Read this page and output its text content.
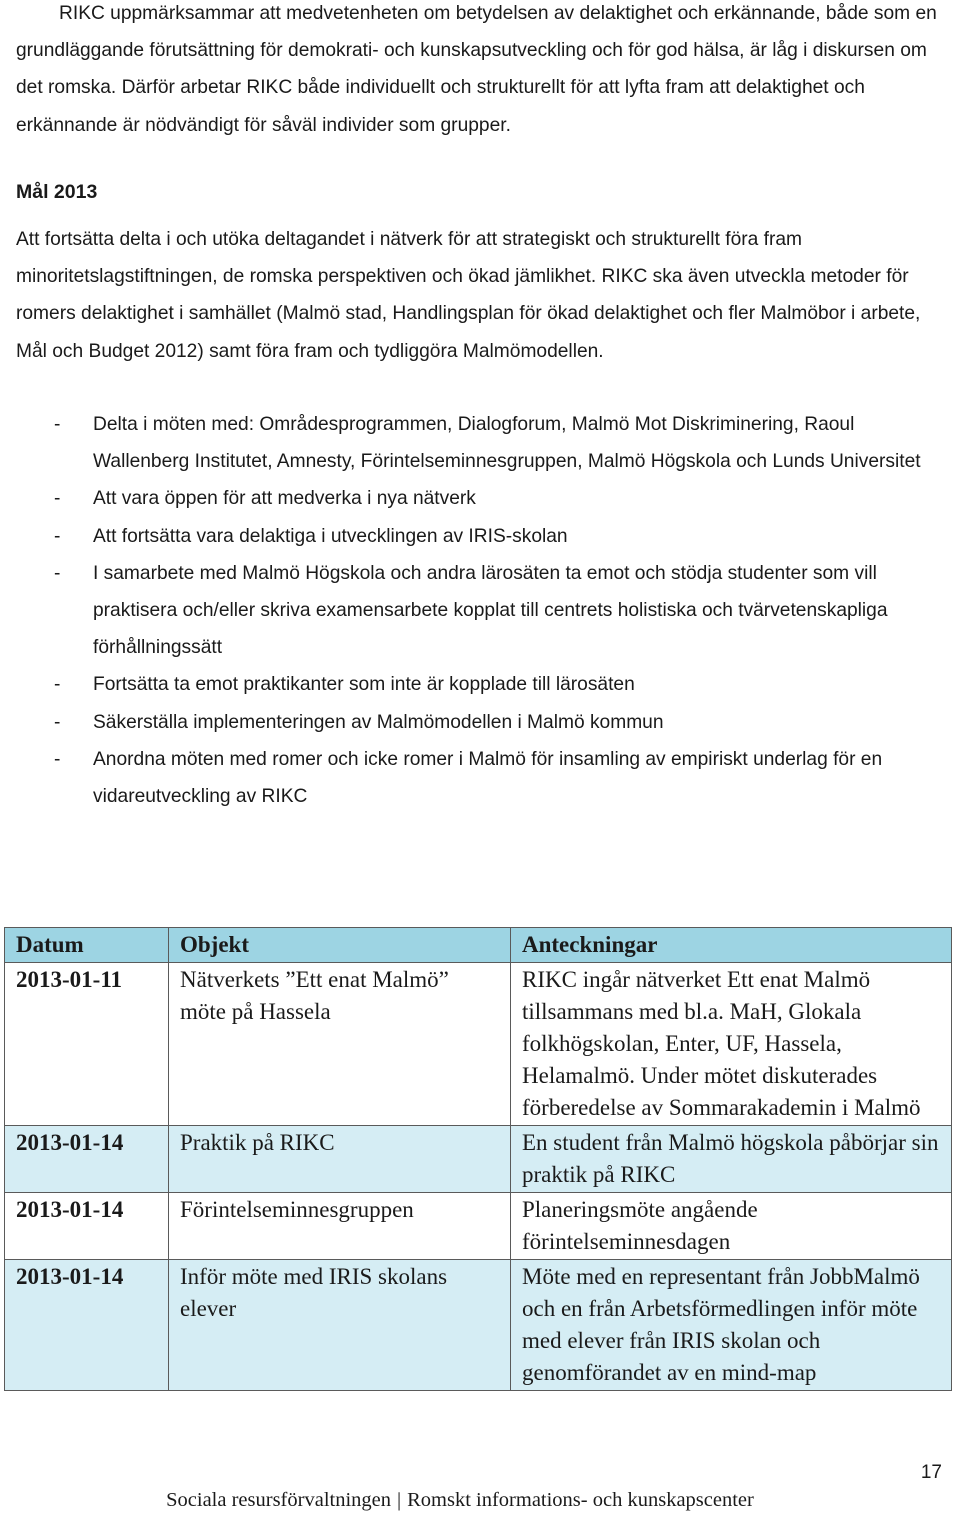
RIKC uppmärksammar att medvetenheten om betydelsen av delaktighet och erkännande, både som en grundläggande förutsättning för demokrati- och kunskapsutveckling och för god hälsa, är låg i diskursen om det romska. Därför arbetar RIKC både individuellt och strukturellt för att lyfta fram att delaktighet och erkännande är nödvändigt för såväl individer som grupper.

Mål 2013

Att fortsätta delta i och utöka deltagandet i nätverk för att strategiskt och strukturellt föra fram minoritetslagstiftningen, de romska perspektiven och ökad jämlikhet. RIKC ska även utveckla metoder för romers delaktighet i samhället (Malmö stad, Handlingsplan för ökad delaktighet och fler Malmöbor i arbete, Mål och Budget 2012) samt föra fram och tydliggöra Malmömodellen.

- Delta i möten med: Områdesprogrammen, Dialogforum, Malmö Mot Diskriminering, Raoul Wallenberg Institutet, Amnesty, Förintelseminnesgruppen, Malmö Högskola och Lunds Universitet
- Att vara öppen för att medverka i nya nätverk
- Att fortsätta vara delaktiga i utvecklingen av IRIS-skolan
- I samarbete med Malmö Högskola och andra lärosäten ta emot och stödja studenter som vill praktisera och/eller skriva examensarbete kopplat till centrets holistiska och tvärvetenskapliga förhållningssätt
- Fortsätta ta emot praktikanter som inte är kopplade till lärosäten
- Säkerställa implementeringen av Malmömodellen i Malmö kommun
- Anordna möten med romer och icke romer i Malmö för insamling av empiriskt underlag för en vidareutveckling av RIKC
Datum	Objekt	Anteckningar
2013-01-11	Nätverkets ”Ett enat Malmö” möte på Hassela	RIKC ingår nätverket Ett enat Malmö tillsammans med bl.a. MaH, Glokala folkhögskolan, Enter, UF, Hassela, Helamalmö. Under mötet diskuterades förberedelse av Sommarakademin i Malmö
2013-01-14	Praktik på RIKC	En student från Malmö högskola påbörjar sin praktik på RIKC
2013-01-14	Förintelseminnesgruppen	Planeringsmöte angående förintelseminnesdagen
2013-01-14	Inför möte med IRIS skolans elever	Möte med en representant från JobbMalmö och en från Arbetsförmedlingen inför möte med elever från IRIS skolan och genomförandet av en mind-map
17
Sociala resursförvaltningen | Romskt informations- och kunskapscenter
